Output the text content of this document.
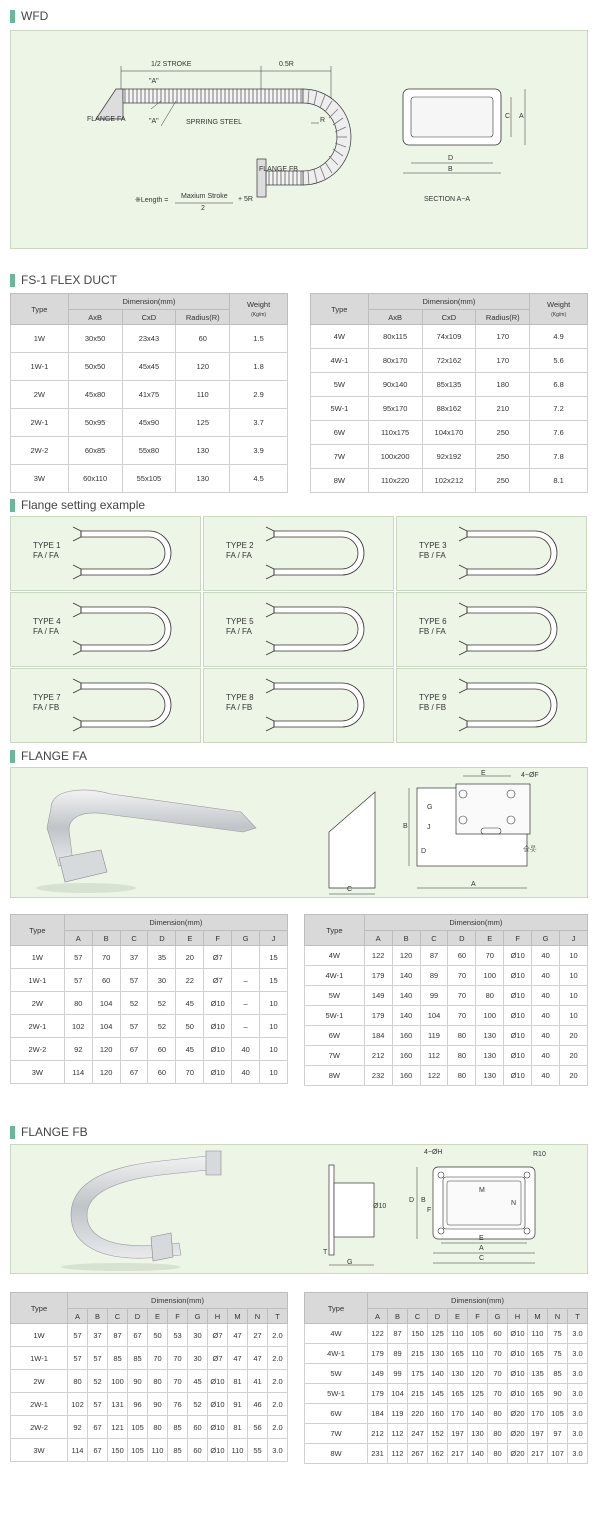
WFD
1/2 STROKE	0.5R
"A"
"A"
FLANGE FA	SPRRING STEEL	R
FLANGE FB
※Length =
Maxium Stroke
2
+ 5R	SECTION A−A
D
B
C A
FS-1 FLEX DUCT
Type	Dimension(mm)			Weight
(Kg/m)
	AxB	CxD	Radius(R)	
1W	30x50	23x43	60	1.5
1W-1	50x50	45x45	120	1.8
2W	45x80	41x75	110	2.9
2W-1	50x95	45x90	125	3.7
2W-2	60x85	55x80	130	3.9
3W	60x110	55x105	130	4.5
Type	Dimension(mm)			Weight
(Kg/m)
	AxB	CxD	Radius(R)	
4W	80x115	74x109	170	4.9
4W-1	80x170	72x162	170	5.6
5W	90x140	85x135	180	6.8
5W-1	95x170	88x162	210	7.2
6W	110x175	104x170	250	7.6
7W	100x200	92x192	250	7.8
8W	110x220	102x212	250	8.1
Flange setting example
TYPE 1
FA / FA
TYPE 2
FA / FA
TYPE 3
FB / FA
TYPE 4
FA / FA
TYPE 5
FA / FA
TYPE 6
FB / FA
TYPE 7
FA / FB
TYPE 8
FA / FB
TYPE 9
FB / FB
FLANGE FA
C
A
B
D
E
G
J
4−ØF
슬롯
Type	Dimension(mm)							
	A	B	C	D	E	F	G	J
1W	57	70	37	35	20	Ø7		15
1W-1	57	60	57	30	22	Ø7	–	15
2W	80	104	52	52	45	Ø10	–	10
2W-1	102	104	57	52	50	Ø10	–	10
2W-2	92	120	67	60	45	Ø10	40	10
3W	114	120	67	60	70	Ø10	40	10
Type	Dimension(mm)							
	A	B	C	D	E	F	G	J
4W	122	120	87	60	70	Ø10	40	10
4W-1	179	140	89	70	100	Ø10	40	10
5W	149	140	99	70	80	Ø10	40	10
5W-1	179	140	104	70	100	Ø10	40	10
6W	184	160	119	80	130	Ø10	40	20
7W	212	160	112	80	130	Ø10	40	20
8W	232	160	122	80	130	Ø10	40	20
FLANGE FB
4−ØH	R10
Ø10
M
N
E
A
C
D B
F
T
G
Type	Dimension(mm)										
	A	B	C	D	E	F	G	H	M	N	T
1W	57	37	87	67	50	53	30	Ø7	47	27	2.0
1W-1	57	57	85	85	70	70	30	Ø7	47	47	2.0
2W	80	52	100	90	80	70	45	Ø10	81	41	2.0
2W-1	102	57	131	96	90	76	52	Ø10	91	46	2.0
2W-2	92	67	121	105	80	85	60	Ø10	81	56	2.0
3W	114	67	150	105	110	85	60	Ø10	110	55	3.0
Type	Dimension(mm)										
	A	B	C	D	E	F	G	H	M	N	T
4W	122	87	150	125	110	105	60	Ø10	110	75	3.0
4W-1	179	89	215	130	165	110	70	Ø10	165	75	3.0
5W	149	99	175	140	130	120	70	Ø10	135	85	3.0
5W-1	179	104	215	145	165	125	70	Ø10	165	90	3.0
6W	184	119	220	160	170	140	80	Ø20	170	105	3.0
7W	212	112	247	152	197	130	80	Ø20	197	97	3.0
8W	231	112	267	162	217	140	80	Ø20	217	107	3.0
